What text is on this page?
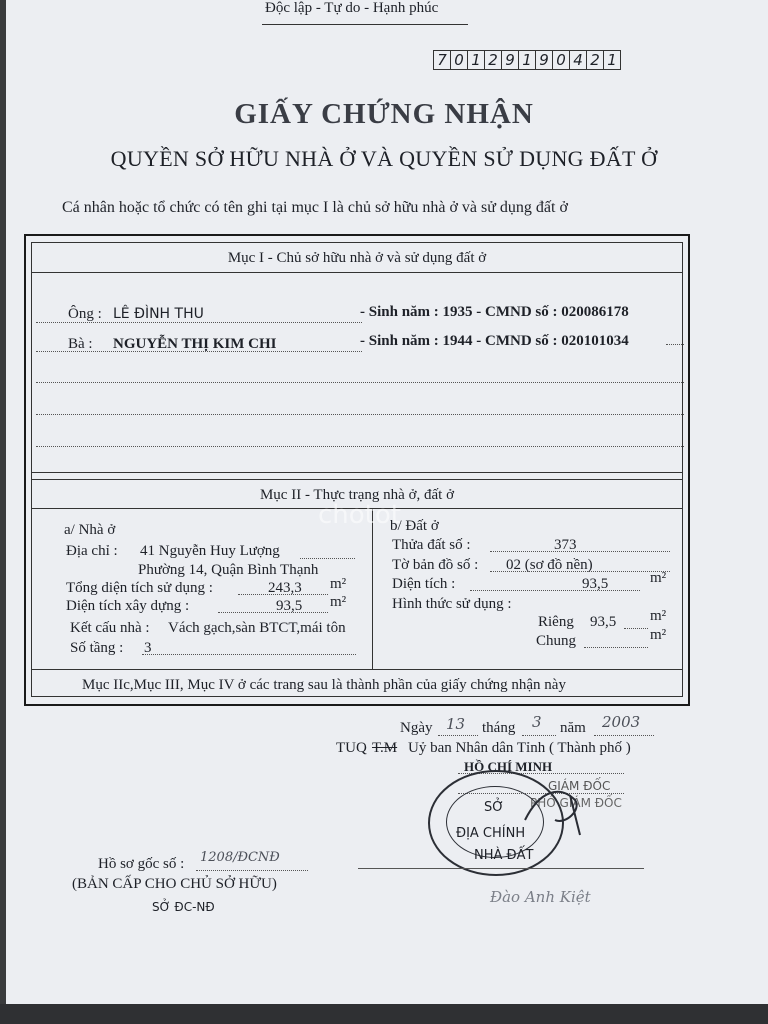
Độc lập - Tự do - Hạnh phúc
7 0 1 2 9 1 9 0 4 2 1
GIẤY CHỨNG NHẬN
QUYỀN SỞ HỮU NHÀ Ở VÀ QUYỀN SỬ DỤNG ĐẤT Ở
Cá nhân hoặc tổ chức có tên ghi tại mục I là chủ sở hữu nhà ở và sử dụng đất ở
Mục I - Chủ sở hữu nhà ở và sử dụng đất ở
Ông : LÊ ĐÌNH THU	- Sinh năm : 1935 - CMND số : 020086178
Bà : NGUYỄN THỊ KIM CHI	- Sinh năm : 1944 - CMND số : 020101034
Mục II - Thực trạng nhà ở, đất ở
a/ Nhà ở
Địa chỉ : 41 Nguyễn Huy Lượng
Phường 14, Quận Bình Thạnh
Tổng diện tích sử dụng :	243,3 m²
Diện tích xây dựng :	93,5 m²
Kết cấu nhà : Vách gạch,sàn BTCT,mái tôn
Số tầng : 3
b/ Đất ở
Thửa đất số :	373
Tờ bản đồ số : 02 (sơ đồ nền)
Diện tích :	93,5	m²
Hình thức sử dụng :
Riêng 93,5 m²
Chung	m²
Mục IIc,Mục III, Mục IV ở các trang sau là thành phần của giấy chứng nhận này
chotot
Ngày 13 tháng 3 năm 2003
TUQ T.M Uỷ ban Nhân dân Tỉnh ( Thành phố )
HỒ CHÍ MINH
GIÁM ĐỐC
PHÓ GIÁM ĐỐC
SỞ
ĐỊA CHÍNH
NHÀ ĐẤT
Đào Anh Kiệt
Hồ sơ gốc số : 1208/ĐCNĐ
(BẢN CẤP CHO CHỦ SỞ HỮU)
SỞ ĐC-NĐ
